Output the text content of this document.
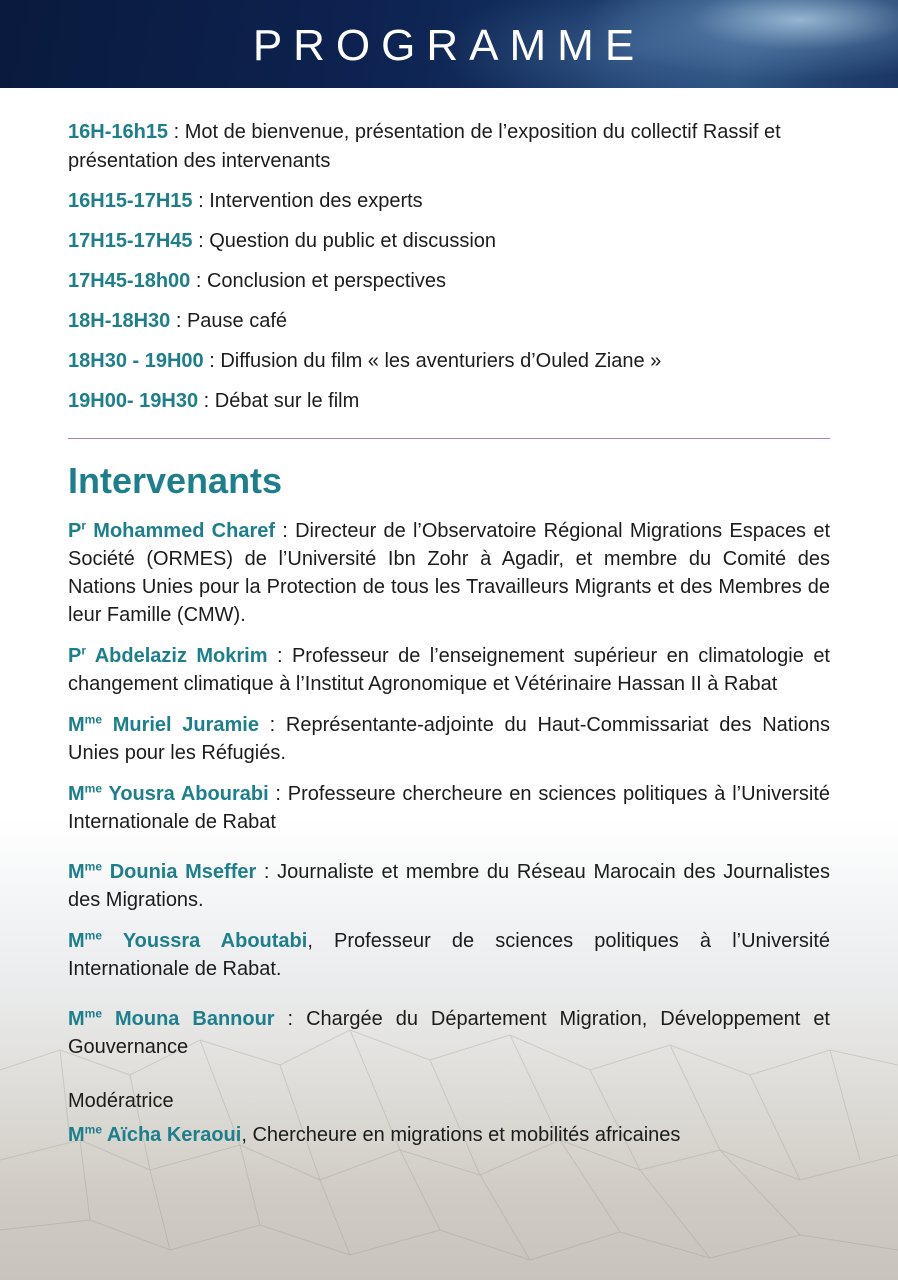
PROGRAMME

16H-16h15 : Mot de bienvenue, présentation de l’exposition du collectif Rassif et présentation des intervenants

16H15-17H15 : Intervention des experts

17H15-17H45 : Question du public et discussion

17H45-18h00 : Conclusion et perspectives

18H-18H30 : Pause café

18H30 - 19H00 : Diffusion du film « les aventuriers d’Ouled Ziane »

19H00- 19H30 : Débat sur le film

Intervenants

$P^r$ Mohammed Charef : Directeur de l’Observatoire Régional Migrations Espaces et Société (ORMES) de l’Université Ibn Zohr à Agadir, et membre du Comité des Nations Unies pour la Protection de tous les Travailleurs Migrants et des Membres de leur Famille (CMW).

$P^r$ Abdelaziz Mokrim : Professeur de l’enseignement supérieur en climatologie et changement climatique à l’Institut Agronomique et Vétérinaire Hassan II à Rabat

$M^{me}$ Muriel Juramie : Représentante-adjointe du Haut-Commissariat des Nations Unies pour les Réfugiés.

$M^{me}$ Yousra Abourabi : Professeure chercheure en sciences politiques à l’Université Internationale de Rabat

$M^{me}$ Dounia Mseffer : Journaliste et membre du Réseau Marocain des Journalistes des Migrations.

$M^{me}$ Youssra Aboutabi, Professeur de sciences politiques à l’Université Internationale de Rabat.

$M^{me}$ Mouna Bannour : Chargée du Département Migration, Développement et Gouvernance

Modératrice

$M^{me}$ Aïcha Keraoui, Chercheure en migrations et mobilités africaines
